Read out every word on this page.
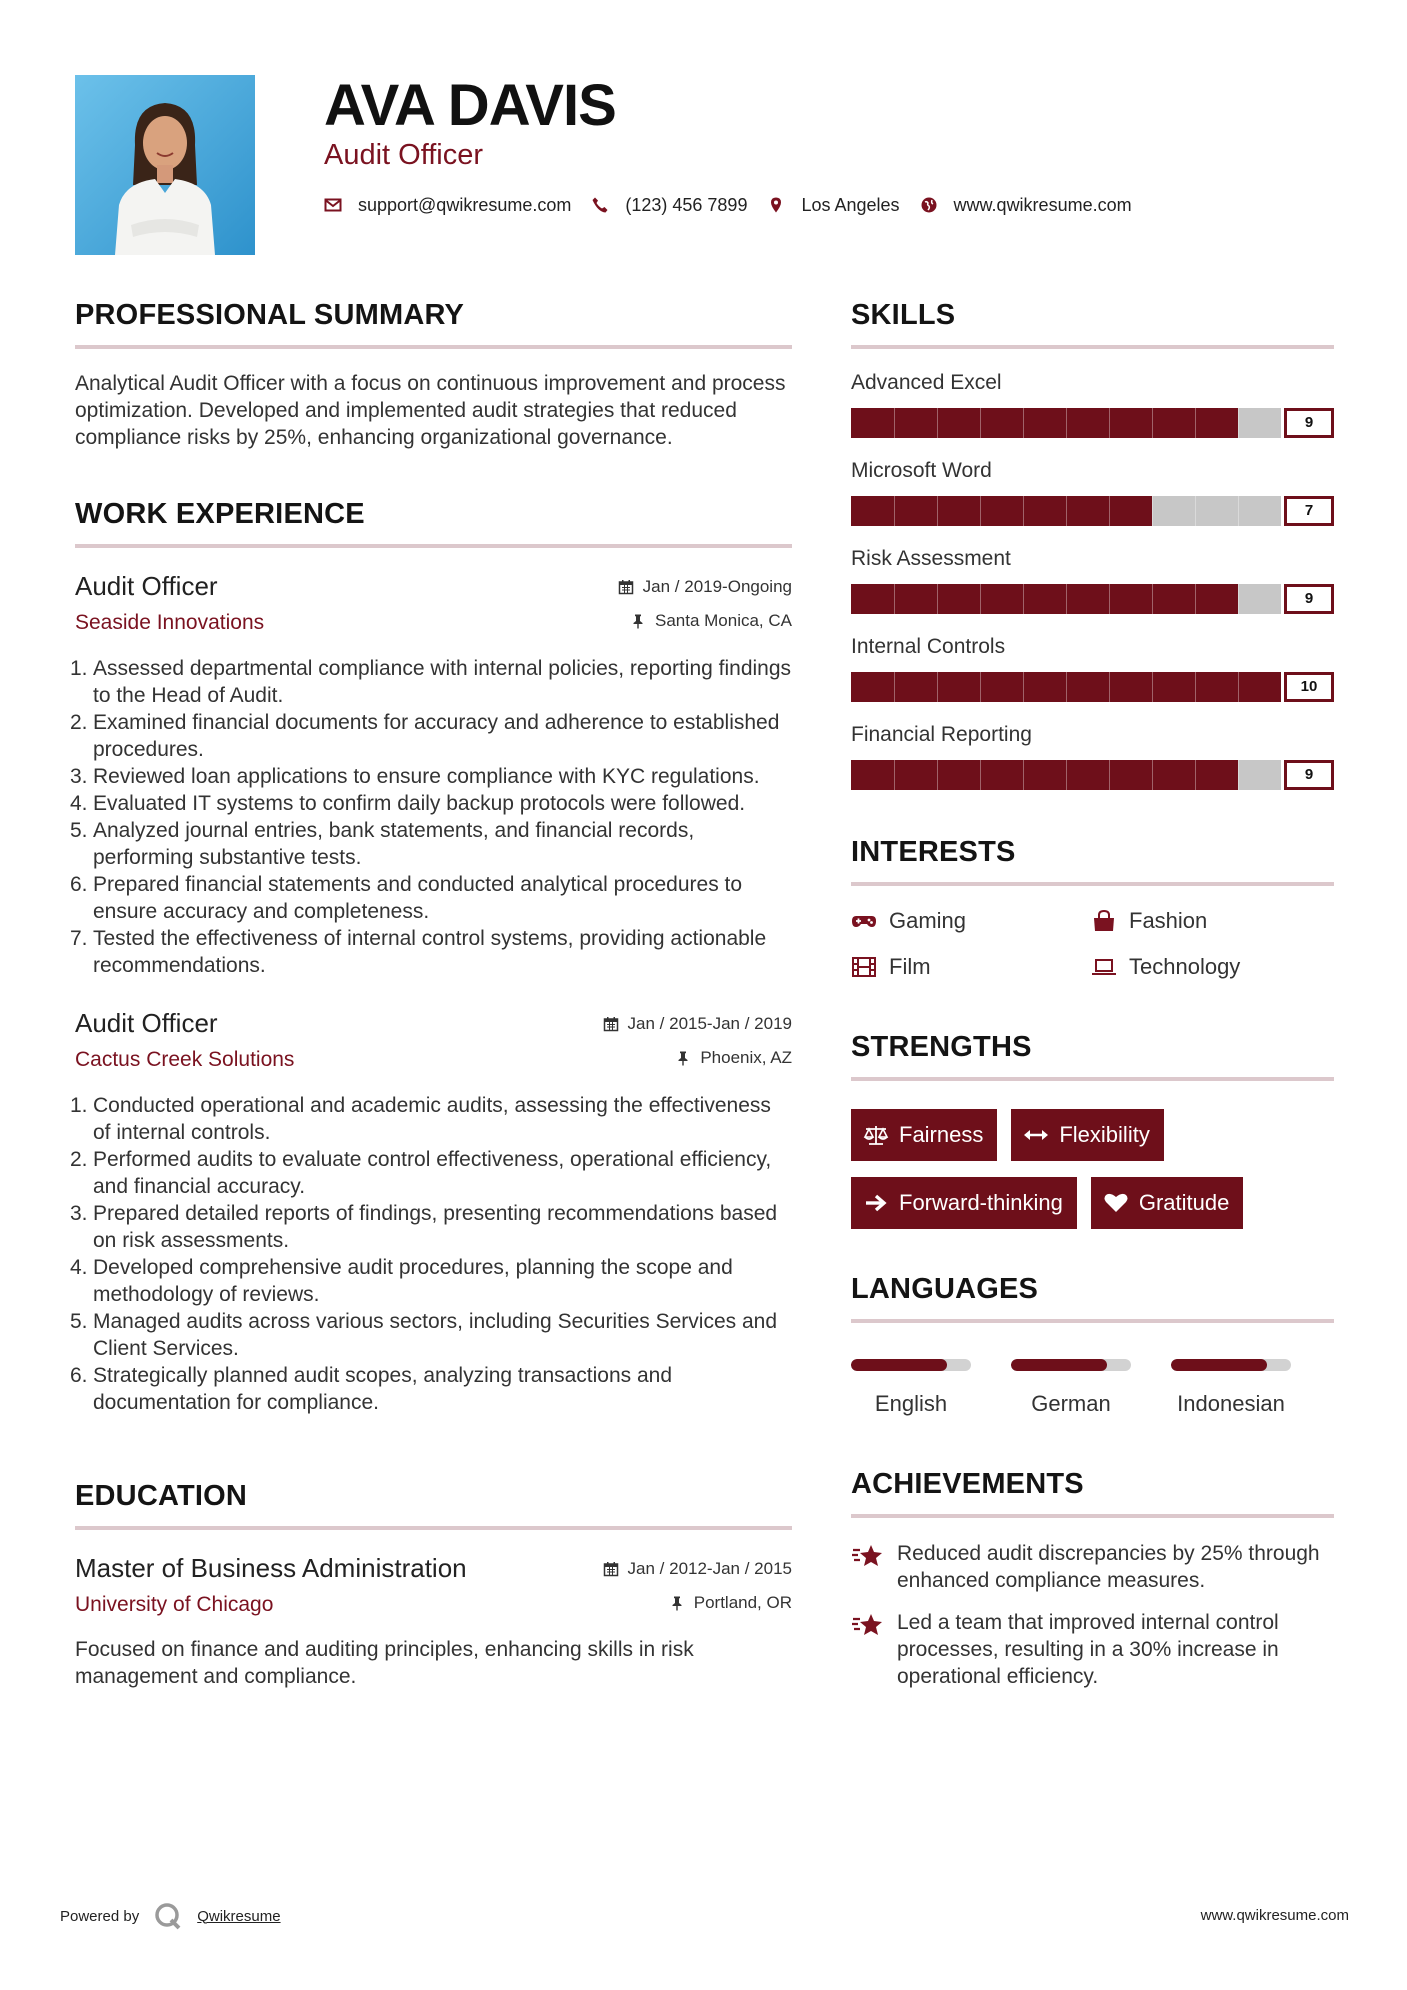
AVA DAVIS
Audit Officer
support@qwikresume.com	(123) 456 7899	Los Angeles	www.qwikresume.com
PROFESSIONAL SUMMARY

Analytical Audit Officer with a focus on continuous improvement and process optimization. Developed and implemented audit strategies that reduced compliance risks by 25%, enhancing organizational governance.

WORK EXPERIENCE
Audit Officer	Jan / 2019-Ongoing
Seaside Innovations	Santa Monica, CA
1. Assessed departmental compliance with internal policies, reporting findings to the Head of Audit.
2. Examined financial documents for accuracy and adherence to established procedures.
3. Reviewed loan applications to ensure compliance with KYC regulations.
4. Evaluated IT systems to confirm daily backup protocols were followed.
5. Analyzed journal entries, bank statements, and financial records, performing substantive tests.
6. Prepared financial statements and conducted analytical procedures to ensure accuracy and completeness.
7. Tested the effectiveness of internal control systems, providing actionable recommendations.
Audit Officer	Jan / 2015-Jan / 2019
Cactus Creek Solutions	Phoenix, AZ
1. Conducted operational and academic audits, assessing the effectiveness of internal controls.
2. Performed audits to evaluate control effectiveness, operational efficiency, and financial accuracy.
3. Prepared detailed reports of findings, presenting recommendations based on risk assessments.
4. Developed comprehensive audit procedures, planning the scope and methodology of reviews.
5. Managed audits across various sectors, including Securities Services and Client Services.
6. Strategically planned audit scopes, analyzing transactions and documentation for compliance.
EDUCATION
Master of Business Administration	Jan / 2012-Jan / 2015
University of Chicago	Portland, OR

Focused on finance and auditing principles, enhancing skills in risk management and compliance.

SKILLS
Advanced Excel
9
Microsoft Word
7
Risk Assessment
9
Internal Controls
10
Financial Reporting
9
INTERESTS
Gaming	Fashion
Film	Technology
STRENGTHS
Fairness	Flexibility
Forward-thinking	Gratitude
LANGUAGES
English	German	Indonesian
ACHIEVEMENTS
Reduced audit discrepancies by 25% through enhanced compliance measures.
Led a team that improved internal control processes, resulting in a 30% increase in operational efficiency.
Powered by	Qwikresume	www.qwikresume.com
